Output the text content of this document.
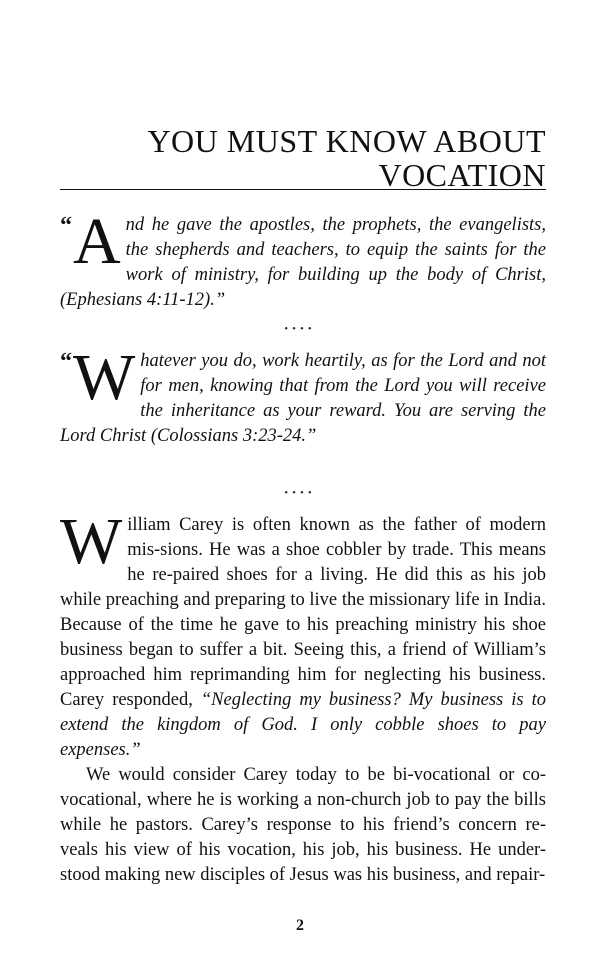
YOU MUST KNOW ABOUT
VOCATION

“ A nd he gave the apostles, the prophets, the evangelists, the shepherds and teachers, to equip the saints for the work of ministry, for building up the body of Christ, (Ephesians 4:11-12).”

••••

“ W hatever you do, work heartily, as for the Lord and not for men, knowing that from the Lord you will receive the inheritance as your reward. You are serving the Lord Christ (Colossians 3:23-24.”

••••

William Carey is often known as the father of modern mis-sions. He was a shoe cobbler by trade. This means he re-paired shoes for a living. He did this as his job while preaching and preparing to live the missionary life in India. Because of the time he gave to his preaching ministry his shoe business began to suffer a bit. Seeing this, a friend of William’s approached him reprimanding him for neglecting his business. Carey responded, “Neglecting my business? My business is to extend the kingdom of God. I only cobble shoes to pay expenses.”
We would consider Carey today to be bi-vocational or co-vocational, where he is working a non-church job to pay the bills while he pastors. Carey’s response to his friend’s concern re-veals his view of his vocation, his job, his business. He under-stood making new disciples of Jesus was his business, and repair-

2
